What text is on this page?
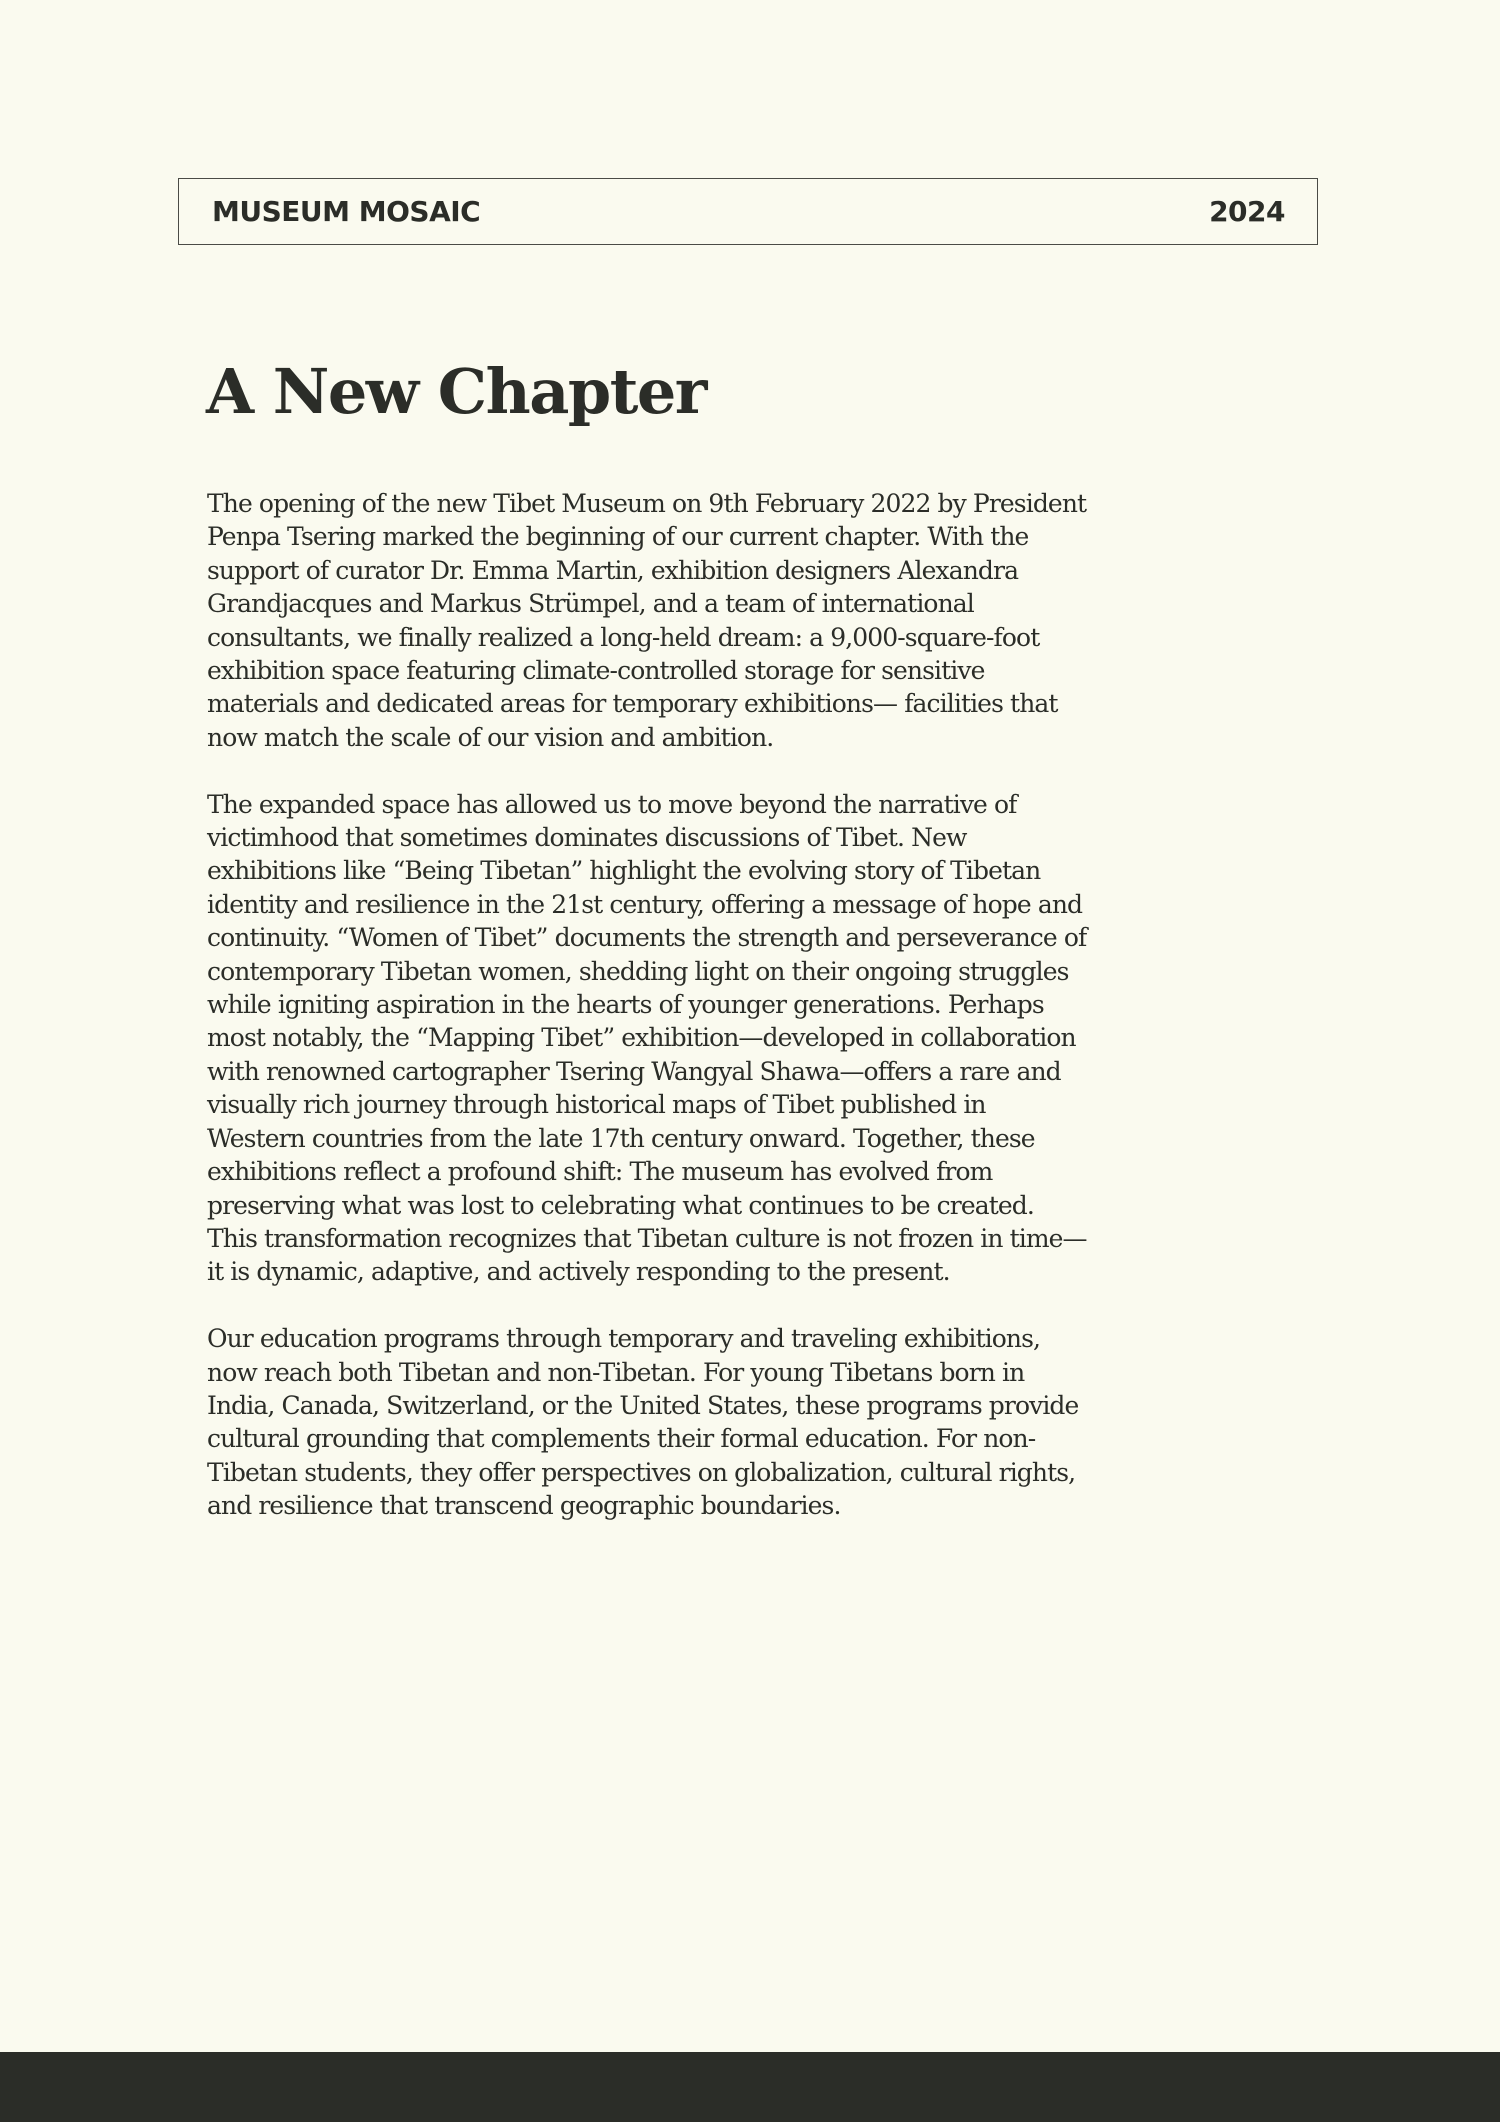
MUSEUM MOSAIC	2024
A New Chapter

The opening of the new Tibet Museum on 9th February 2022 by President Penpa Tsering marked the beginning of our current chapter. With the support of curator Dr. Emma Martin, exhibition designers Alexandra Grandjacques and Markus Strümpel, and a team of international consultants, we finally realized a long-held dream: a 9,000-square-foot exhibition space featuring climate-controlled storage for sensitive materials and dedicated areas for temporary exhibitions— facilities that now match the scale of our vision and ambition.

The expanded space has allowed us to move beyond the narrative of victimhood that sometimes dominates discussions of Tibet. New exhibitions like “Being Tibetan” highlight the evolving story of Tibetan identity and resilience in the 21st century, offering a message of hope and continuity. “Women of Tibet” documents the strength and perseverance of contemporary Tibetan women, shedding light on their ongoing struggles while igniting aspiration in the hearts of younger generations. Perhaps most notably, the “Mapping Tibet” exhibition—developed in collaboration with renowned cartographer Tsering Wangyal Shawa—offers a rare and visually rich journey through historical maps of Tibet published in Western countries from the late 17th century onward. Together, these exhibitions reflect a profound shift: The museum has evolved from preserving what was lost to celebrating what continues to be created. This transformation recognizes that Tibetan culture is not frozen in time—it is dynamic, adaptive, and actively responding to the present.

Our education programs through temporary and traveling exhibitions, now reach both Tibetan and non-Tibetan. For young Tibetans born in India, Canada, Switzerland, or the United States, these programs provide cultural grounding that complements their formal education. For non-Tibetan students, they offer perspectives on globalization, cultural rights, and resilience that transcend geographic boundaries.
